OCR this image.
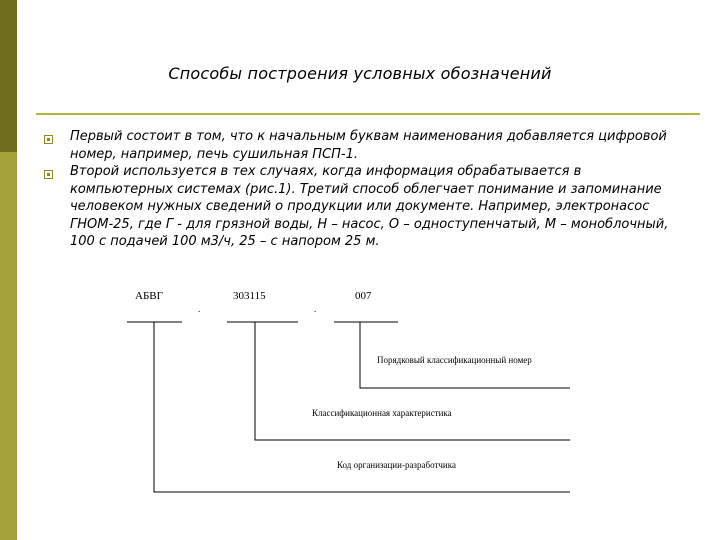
Способы построения условных обозначений
Первый состоит в том, что к начальным буквам наименования добавляется цифровой номер, например, печь сушильная ПСП-1.
Второй используется в тех случаях, когда информация обрабатывается в компьютерных системах (рис.1). Третий способ облегчает понимание и запоминание человеком нужных сведений о продукции или документе. Например, электронасос ГНОМ-25, где Г - для грязной воды, Н – насос, О – одноступенчатый, М – моноблочный, 100 с подачей 100 м3/ч, 25 – с напором 25 м.
АБВГ	303115	007
.	.
Порядковый классификационный номер
Классификационная характеристика
Код организации-разработчика
